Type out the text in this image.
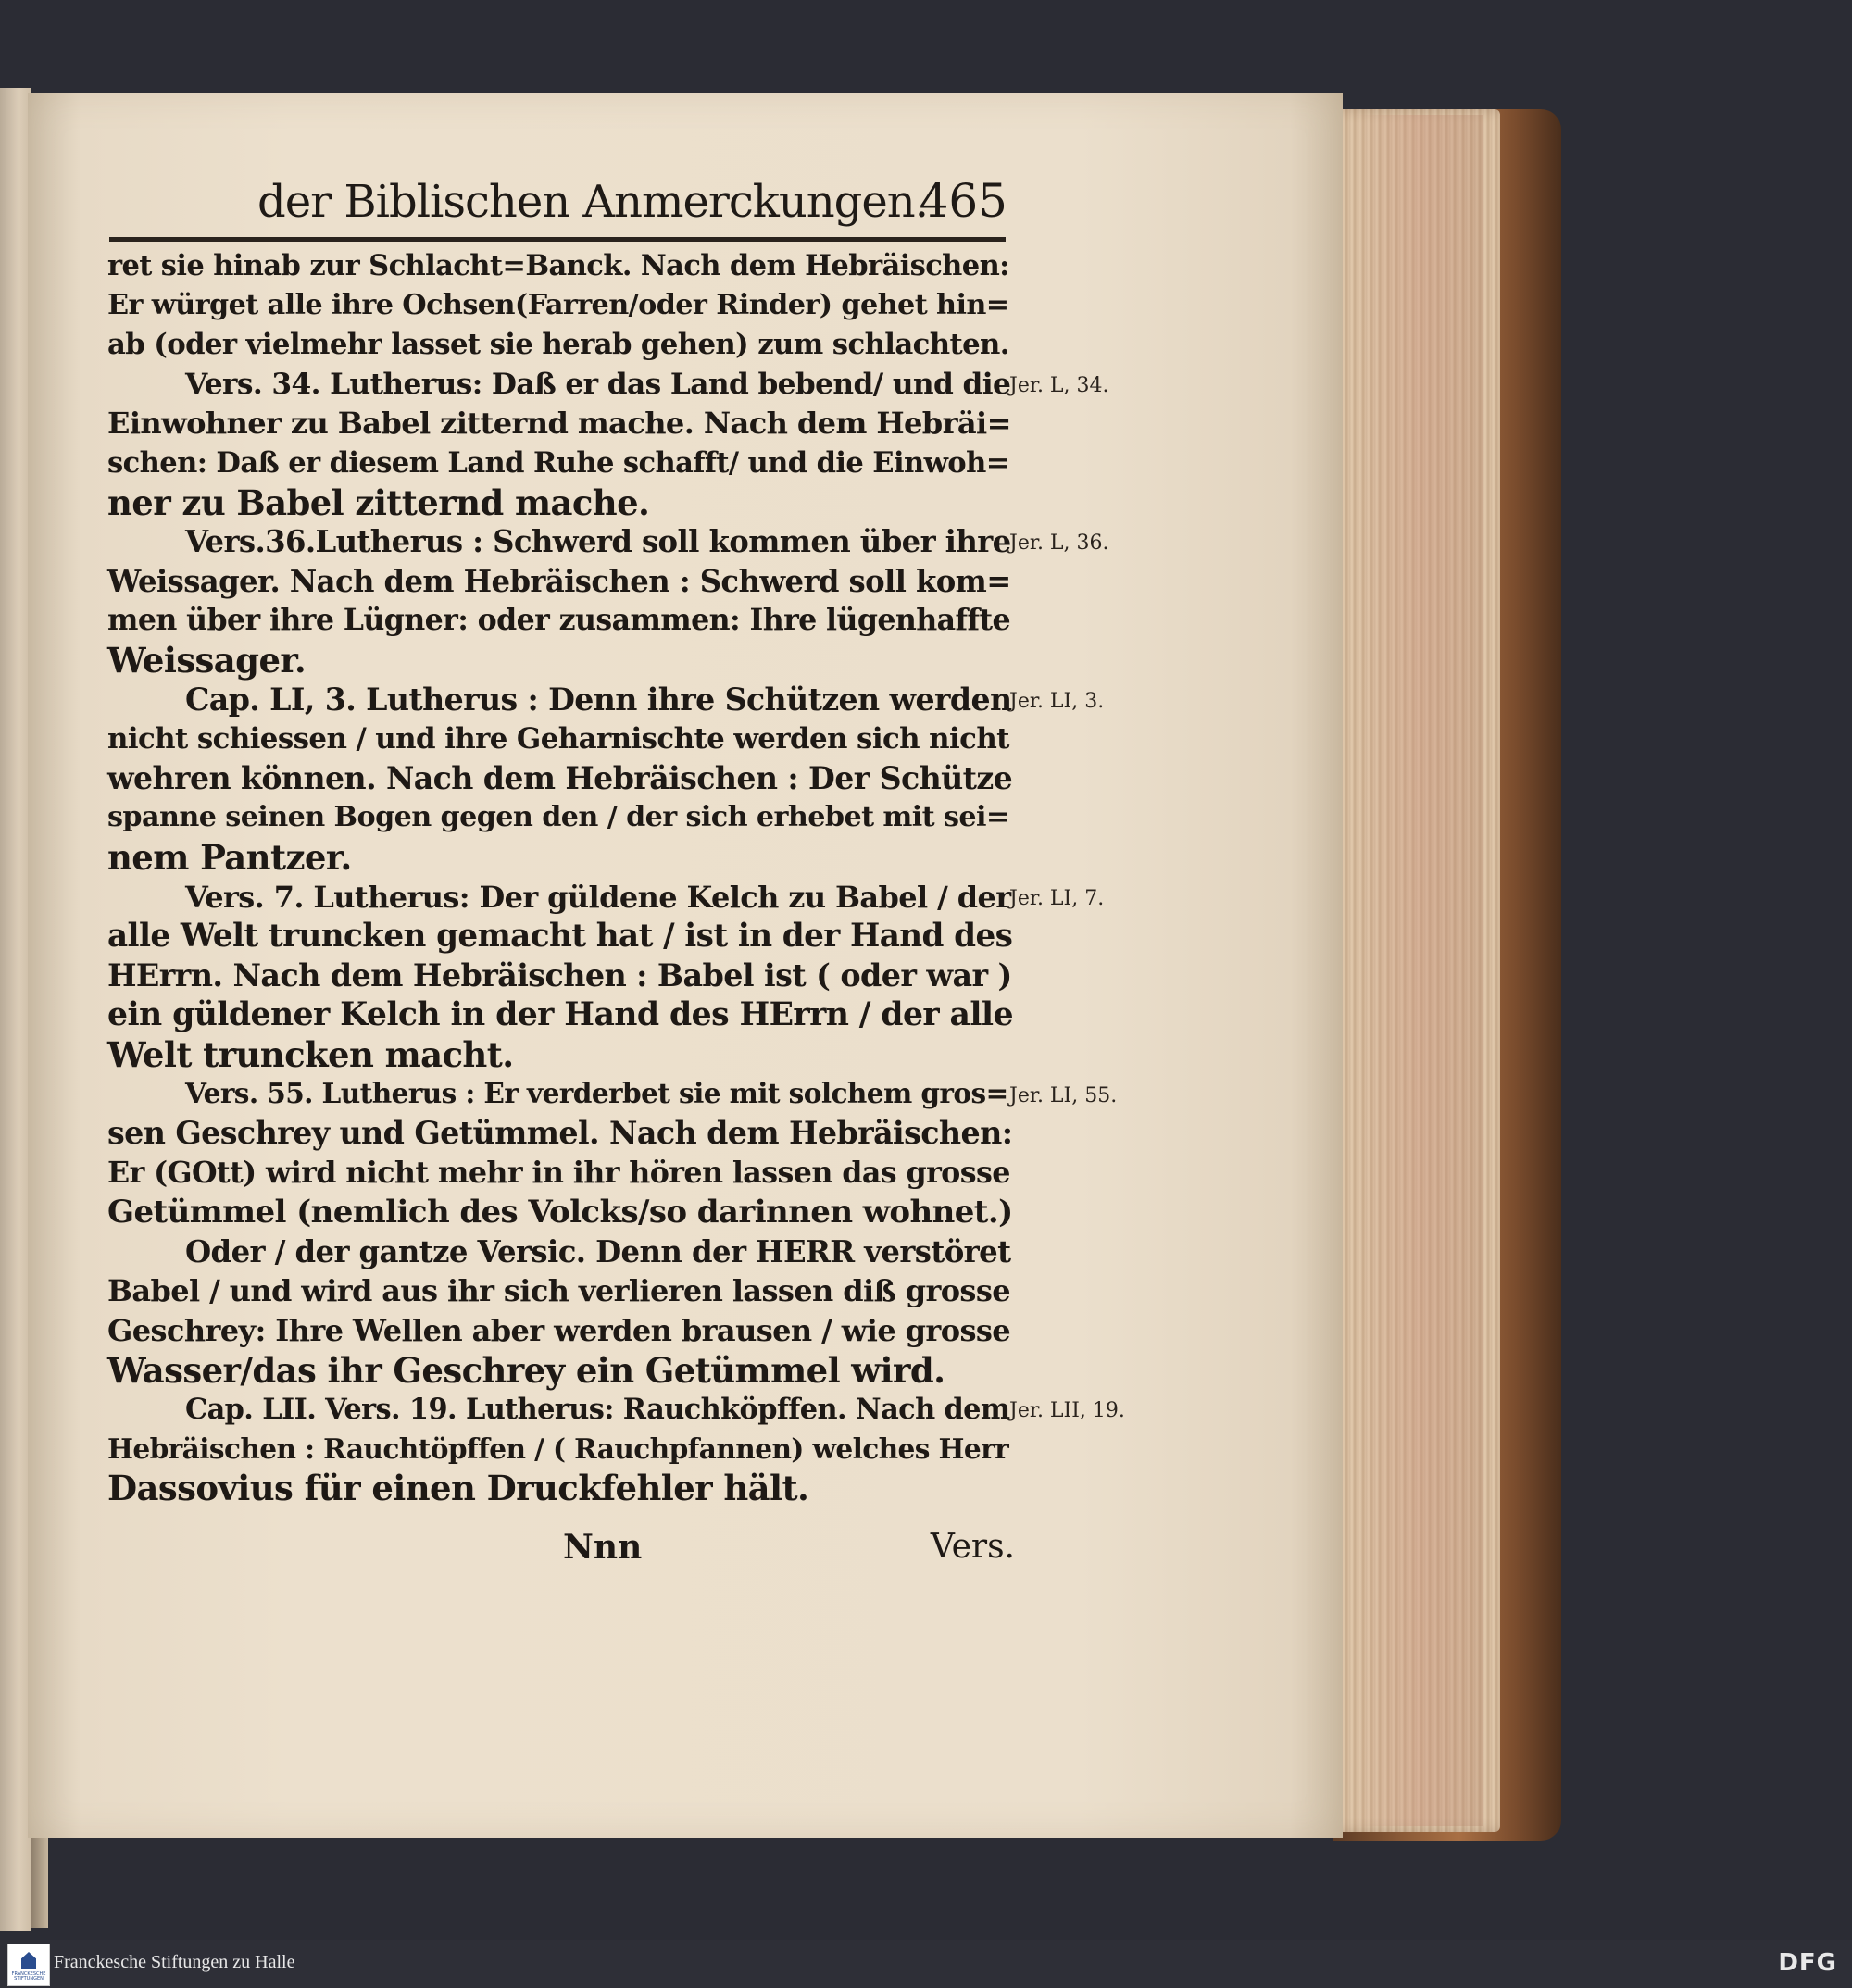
der Biblischen Anmerckungen.
465
ret sie hinab zur Schlacht=Banck. Nach dem Hebräischen:
Er würget alle ihre Ochsen(Farren/oder Rinder) gehet hin=
ab (oder vielmehr lasset sie herab gehen) zum schlachten.
Vers. 34. Lutherus: Daß er das Land bebend/ und die
Einwohner zu Babel zitternd mache. Nach dem Hebräi=
schen: Daß er diesem Land Ruhe schafft/ und die Einwoh=
ner zu Babel zitternd mache.
Vers.36.Lutherus : Schwerd soll kommen über ihre
Weissager. Nach dem Hebräischen : Schwerd soll kom=
men über ihre Lügner: oder zusammen: Ihre lügenhaffte
Weissager.
Cap. LI, 3. Lutherus : Denn ihre Schützen werden
nicht schiessen / und ihre Geharnischte werden sich nicht
wehren können. Nach dem Hebräischen : Der Schütze
spanne seinen Bogen gegen den / der sich erhebet mit sei=
nem Pantzer.
Vers. 7. Lutherus: Der güldene Kelch zu Babel / der
alle Welt truncken gemacht hat / ist in der Hand des
HErrn. Nach dem Hebräischen : Babel ist ( oder war )
ein güldener Kelch in der Hand des HErrn / der alle
Welt truncken macht.
Vers. 55. Lutherus : Er verderbet sie mit solchem gros=
sen Geschrey und Getümmel. Nach dem Hebräischen:
Er (GOtt) wird nicht mehr in ihr hören lassen das grosse
Getümmel (nemlich des Volcks/so darinnen wohnet.)
Oder / der gantze Versic. Denn der HERR verstöret
Babel / und wird aus ihr sich verlieren lassen diß grosse
Geschrey: Ihre Wellen aber werden brausen / wie grosse
Wasser/das ihr Geschrey ein Getümmel wird.
Cap. LII. Vers. 19. Lutherus: Rauchköpffen. Nach dem
Hebräischen : Rauchtöpffen / ( Rauchpfannen) welches Herr
Dassovius für einen Druckfehler hält.
Jer. L, 34.
Jer. L, 36.
Jer. LI, 3.
Jer. LI, 7.
Jer. LI, 55.
Jer. LII, 19.
Nnn	Vers.
FRANCKESCHE STIFTUNGEN
Franckesche Stiftungen zu Halle	DFG
